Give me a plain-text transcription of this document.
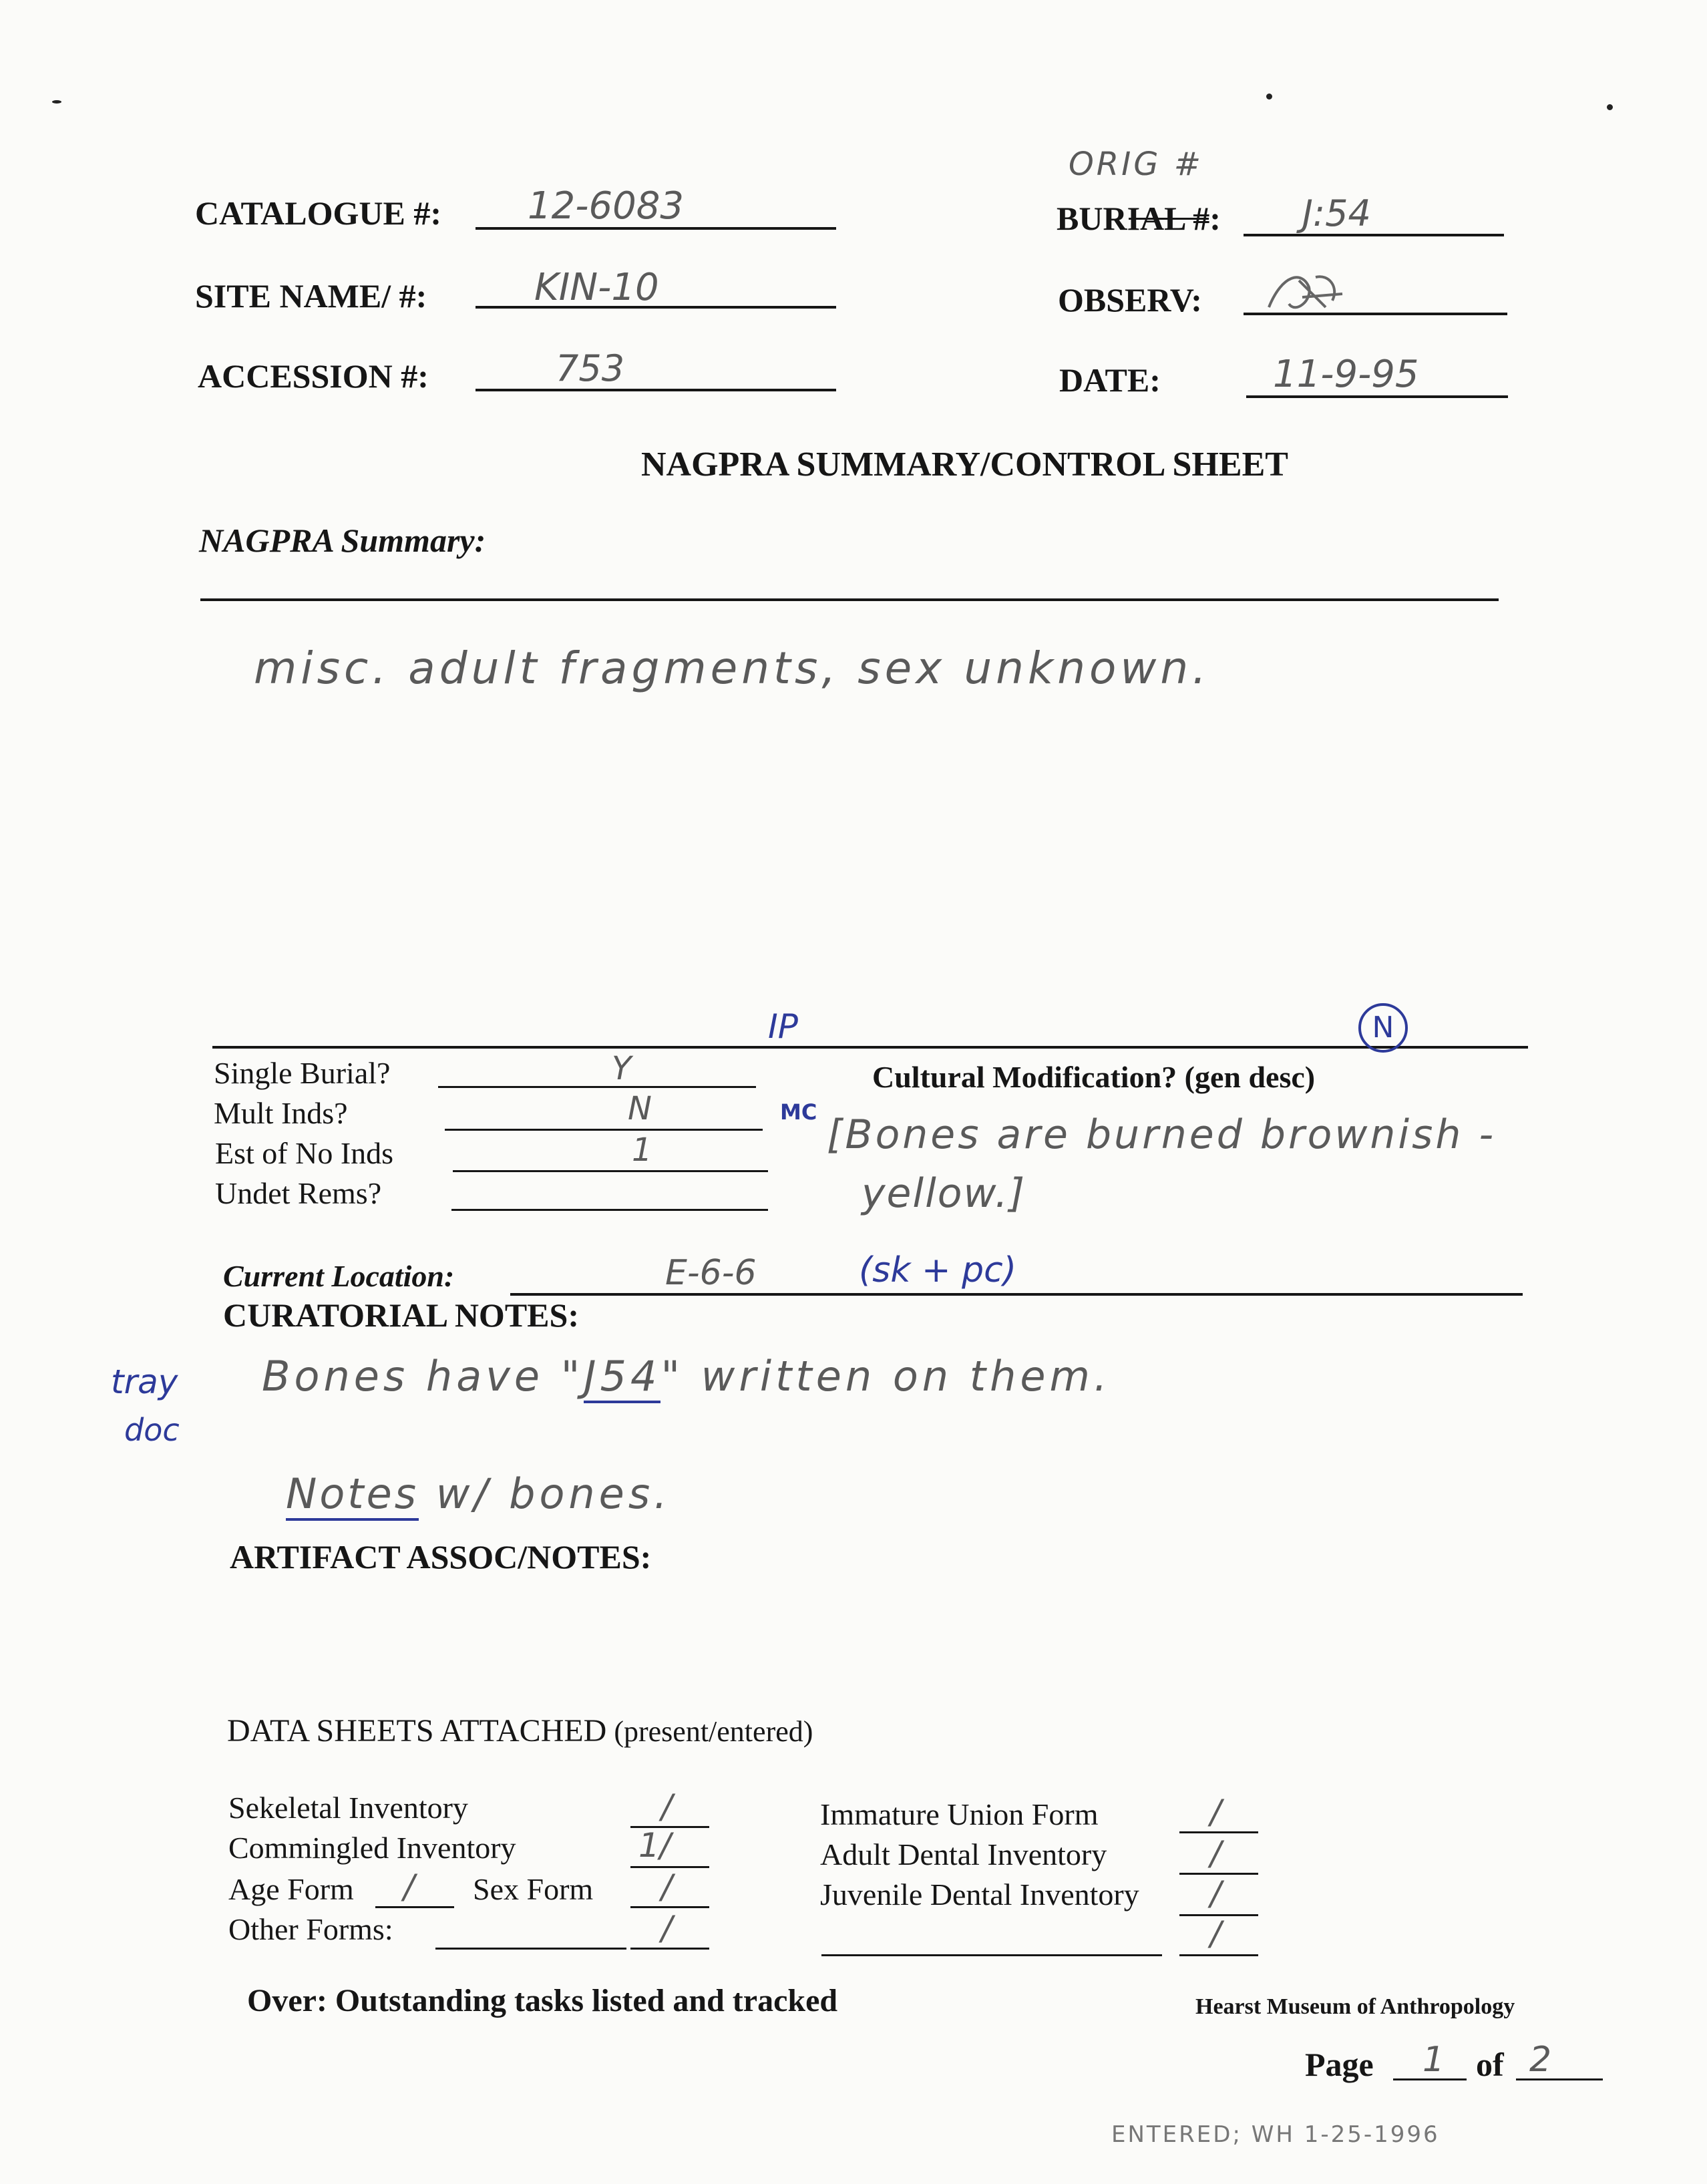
CATALOGUE #: 12-6083
SITE NAME/ #:	KIN-10
ACCESSION #:	753
ORIG #
BURIAL #: J:54
OBSERV:
DATE:	11-9-95
NAGPRA SUMMARY/CONTROL SHEET
NAGPRA Summary:
misc. adult fragments, sex unknown.
IP	N
Single Burial?	Y
Mult Inds?	N
Est of No Inds	1
Undet Rems?
Cultural Modification? (gen desc)
MC [Bones are burned brownish -
yellow.]
Current Location:	E-6-6	(sk + pc)
CURATORIAL NOTES:
tray
doc
Bones have "J54" written on them.
Notes w/ bones.
ARTIFACT ASSOC/NOTES:
DATA SHEETS ATTACHED (present/entered)
Sekeletal Inventory	/
Commingled Inventory	1/
Age Form / Sex Form /
Other Forms:	/
Immature Union Form	/
Adult Dental Inventory	/
Juvenile Dental Inventory /
/
Over: Outstanding tasks listed and tracked	Hearst Museum of Anthropology
Page 1 of 2
ENTERED; WH 1-25-1996
